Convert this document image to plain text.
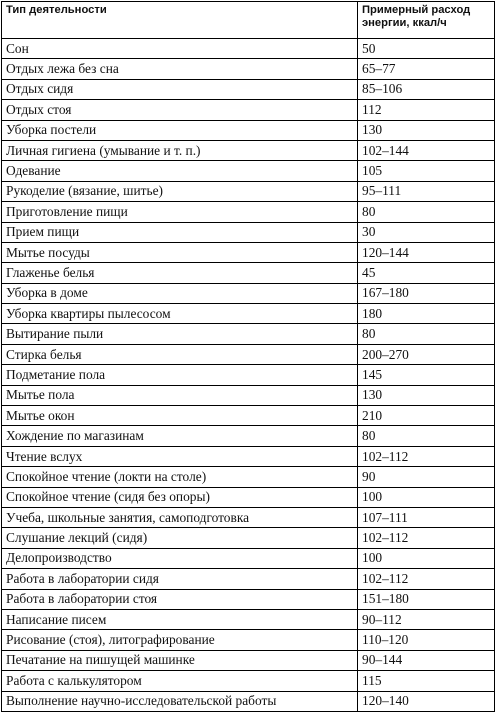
Тип деятельности	Примерный расход
энергии, ккал/ч

Сон	50
Отдых лежа без сна	65–77
Отдых сидя	85–106
Отдых стоя	112
Уборка постели	130
Личная гигиена (умывание и т. п.)	102–144
Одевание	105
Рукоделие (вязание, шитье)	95–111
Приготовление пищи	80
Прием пищи	30
Мытье посуды	120–144
Глаженье белья	45
Уборка в доме	167–180
Уборка квартиры пылесосом	180
Вытирание пыли	80
Стирка белья	200–270
Подметание пола	145
Мытье пола	130
Мытье окон	210
Хождение по магазинам	80
Чтение вслух	102–112
Спокойное чтение (локти на столе)	90
Спокойное чтение (сидя без опоры)	100
Учеба, школьные занятия, самоподготовка	107–111
Слушание лекций (сидя)	102–112
Делопроизводство	100
Работа в лаборатории сидя	102–112
Работа в лаборатории стоя	151–180
Написание писем	90–112
Рисование (стоя), литографирование	110–120
Печатание на пишущей машинке	90–144
Работа с калькулятором	115
Выполнение научно-исследовательской работы	120–140
